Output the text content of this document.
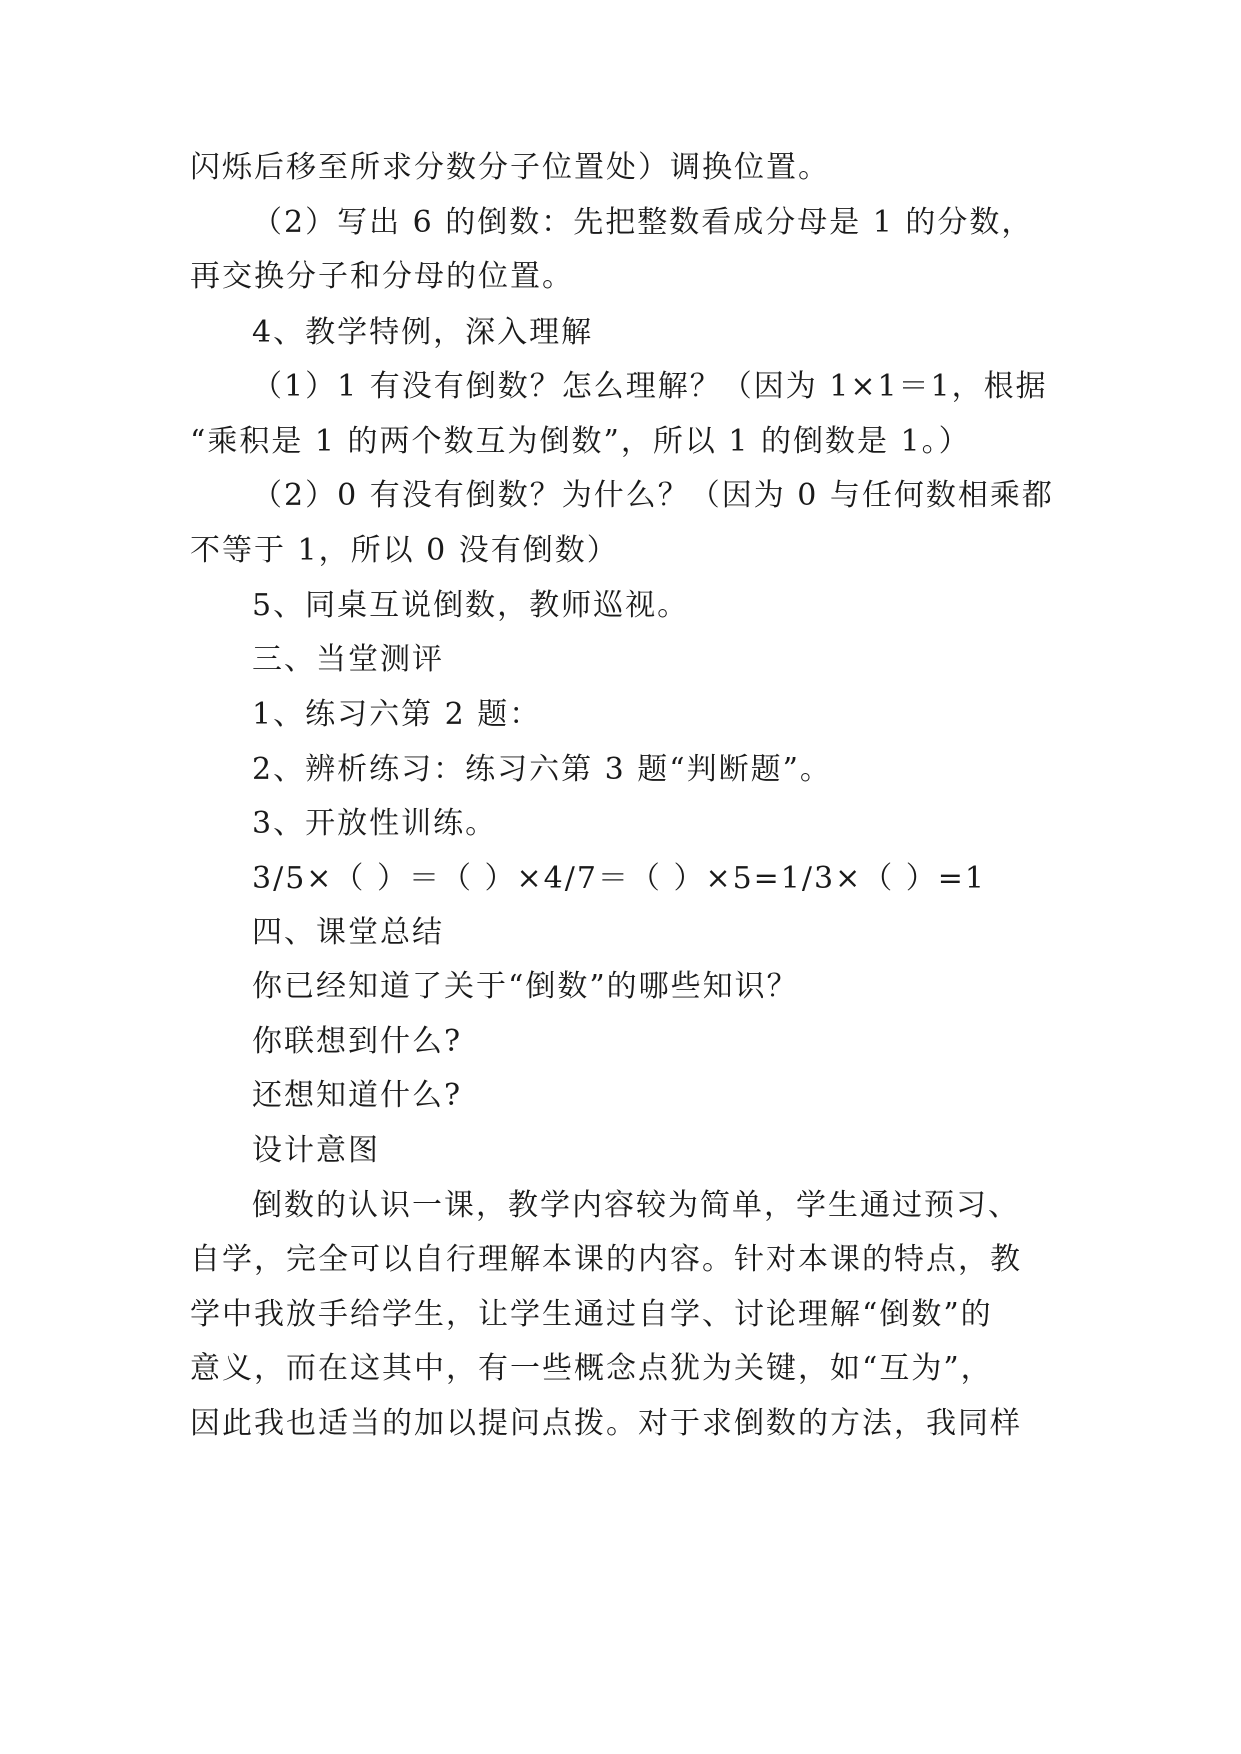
闪烁后移至所求分数分子位置处）调换位置。
（2）写出 6 的倒数：先把整数看成分母是 1 的分数，
再交换分子和分母的位置。
4、教学特例，深入理解
（1）1 有没有倒数？怎么理解？（因为 1×1＝1，根据
“乘积是 1 的两个数互为倒数”，所以 1 的倒数是 1。）
（2）0 有没有倒数？为什么？（因为 0 与任何数相乘都
不等于 1，所以 0 没有倒数）
5、同桌互说倒数，教师巡视。
三、当堂测评
1、练习六第 2 题：
2、辨析练习：练习六第 3 题“判断题”。
3、开放性训练。
3/5×（ ）＝（ ）×4/7＝（ ）×5=1/3×（ ）=1
四、课堂总结
你已经知道了关于“倒数”的哪些知识？
你联想到什么?
还想知道什么?
设计意图
倒数的认识一课，教学内容较为简单，学生通过预习、
自学，完全可以自行理解本课的内容。针对本课的特点，教
学中我放手给学生，让学生通过自学、讨论理解“倒数”的
意义，而在这其中，有一些概念点犹为关键，如“互为”，
因此我也适当的加以提问点拨。对于求倒数的方法，我同样
